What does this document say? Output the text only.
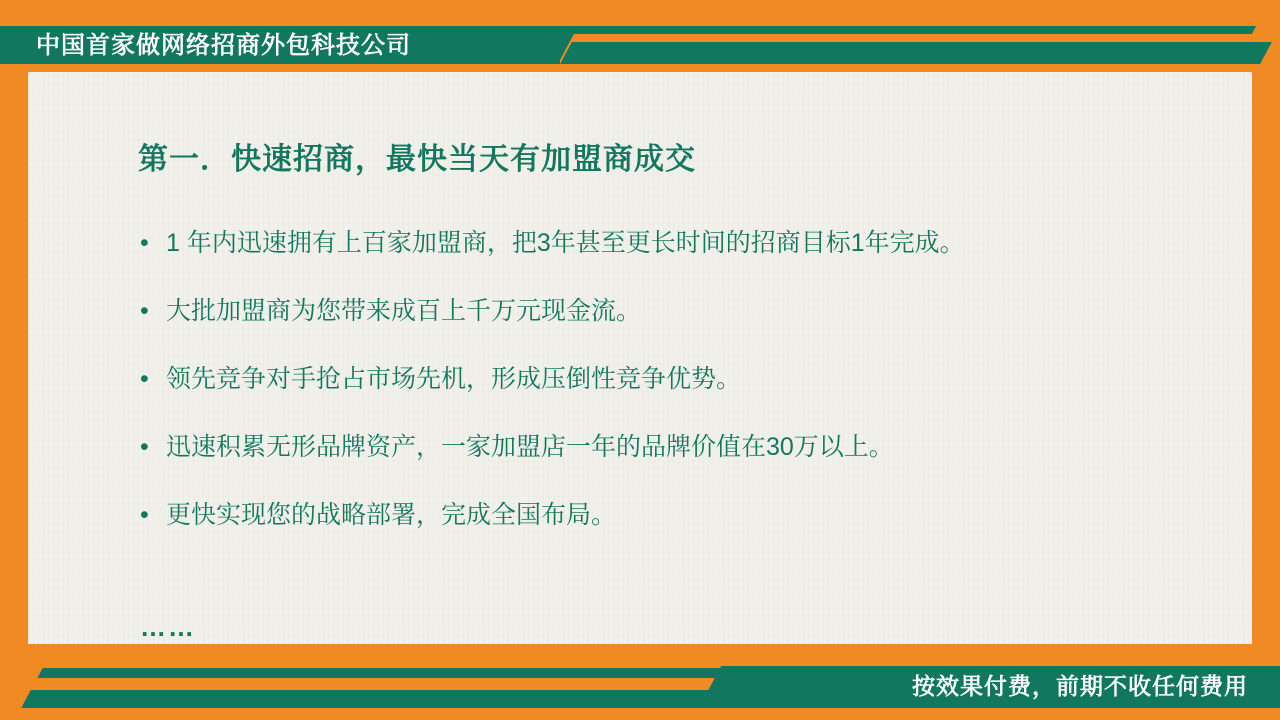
中国首家做网络招商外包科技公司
第一．快速招商，最快当天有加盟商成交
• 1 年内迅速拥有上百家加盟商，把3年甚至更长时间的招商目标1年完成。
• 大批加盟商为您带来成百上千万元现金流。
• 领先竞争对手抢占市场先机，形成压倒性竞争优势。
• 迅速积累无形品牌资产，一家加盟店一年的品牌价值在30万以上。
• 更快实现您的战略部署，完成全国布局。
……
按效果付费，前期不收任何费用
